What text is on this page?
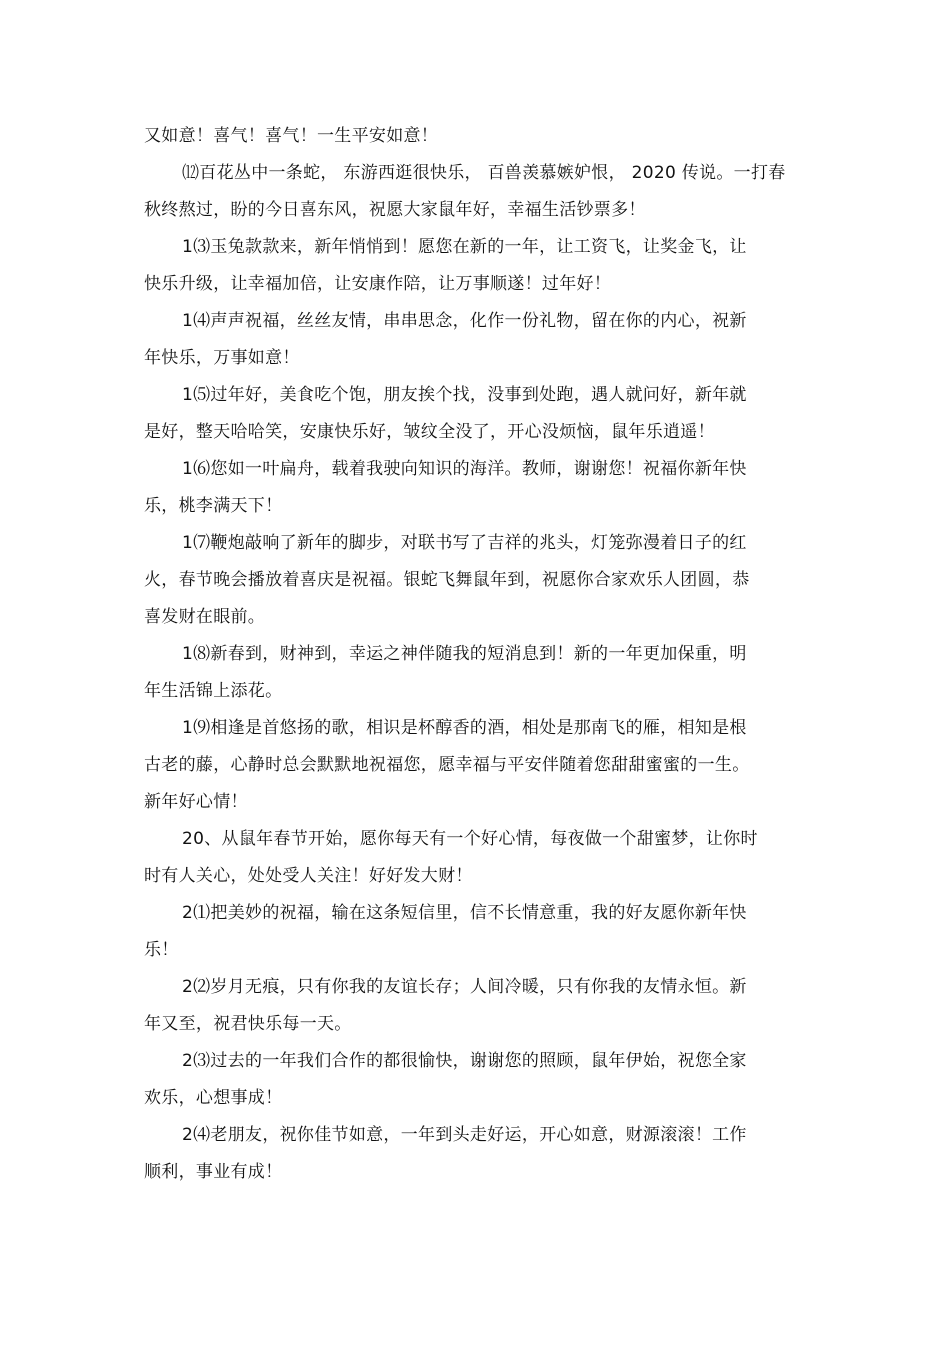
又如意！喜气！喜气！一生平安如意！

⑿百花丛中一条蛇， 东游西逛很快乐， 百兽羡慕嫉妒恨， 2020 传说。一打春
秋终熬过，盼的今日喜东风，祝愿大家鼠年好，幸福生活钞票多！

1⑶玉兔款款来，新年悄悄到！愿您在新的一年，让工资飞，让奖金飞，让
快乐升级，让幸福加倍，让安康作陪，让万事顺遂！过年好！

1⑷声声祝福，丝丝友情，串串思念，化作一份礼物，留在你的内心，祝新
年快乐，万事如意！

1⑸过年好，美食吃个饱，朋友挨个找，没事到处跑，遇人就问好，新年就
是好，整天哈哈笑，安康快乐好，皱纹全没了，开心没烦恼，鼠年乐逍遥！

1⑹您如一叶扁舟，载着我驶向知识的海洋。教师，谢谢您！祝福你新年快
乐，桃李满天下！

1⑺鞭炮敲响了新年的脚步，对联书写了吉祥的兆头，灯笼弥漫着日子的红
火，春节晚会播放着喜庆是祝福。银蛇飞舞鼠年到，祝愿你合家欢乐人团圆，恭
喜发财在眼前。

1⑻新春到，财神到，幸运之神伴随我的短消息到！新的一年更加保重，明
年生活锦上添花。

1⑼相逢是首悠扬的歌，相识是杯醇香的酒，相处是那南飞的雁，相知是根
古老的藤，心静时总会默默地祝福您，愿幸福与平安伴随着您甜甜蜜蜜的一生。
新年好心情！

20、从鼠年春节开始，愿你每天有一个好心情，每夜做一个甜蜜梦，让你时
时有人关心，处处受人关注！好好发大财！

2⑴把美妙的祝福，输在这条短信里，信不长情意重，我的好友愿你新年快
乐！

2⑵岁月无痕，只有你我的友谊长存；人间冷暖，只有你我的友情永恒。新
年又至，祝君快乐每一天。

2⑶过去的一年我们合作的都很愉快，谢谢您的照顾，鼠年伊始，祝您全家
欢乐，心想事成！

2⑷老朋友，祝你佳节如意，一年到头走好运，开心如意，财源滚滚！工作
顺利，事业有成！
